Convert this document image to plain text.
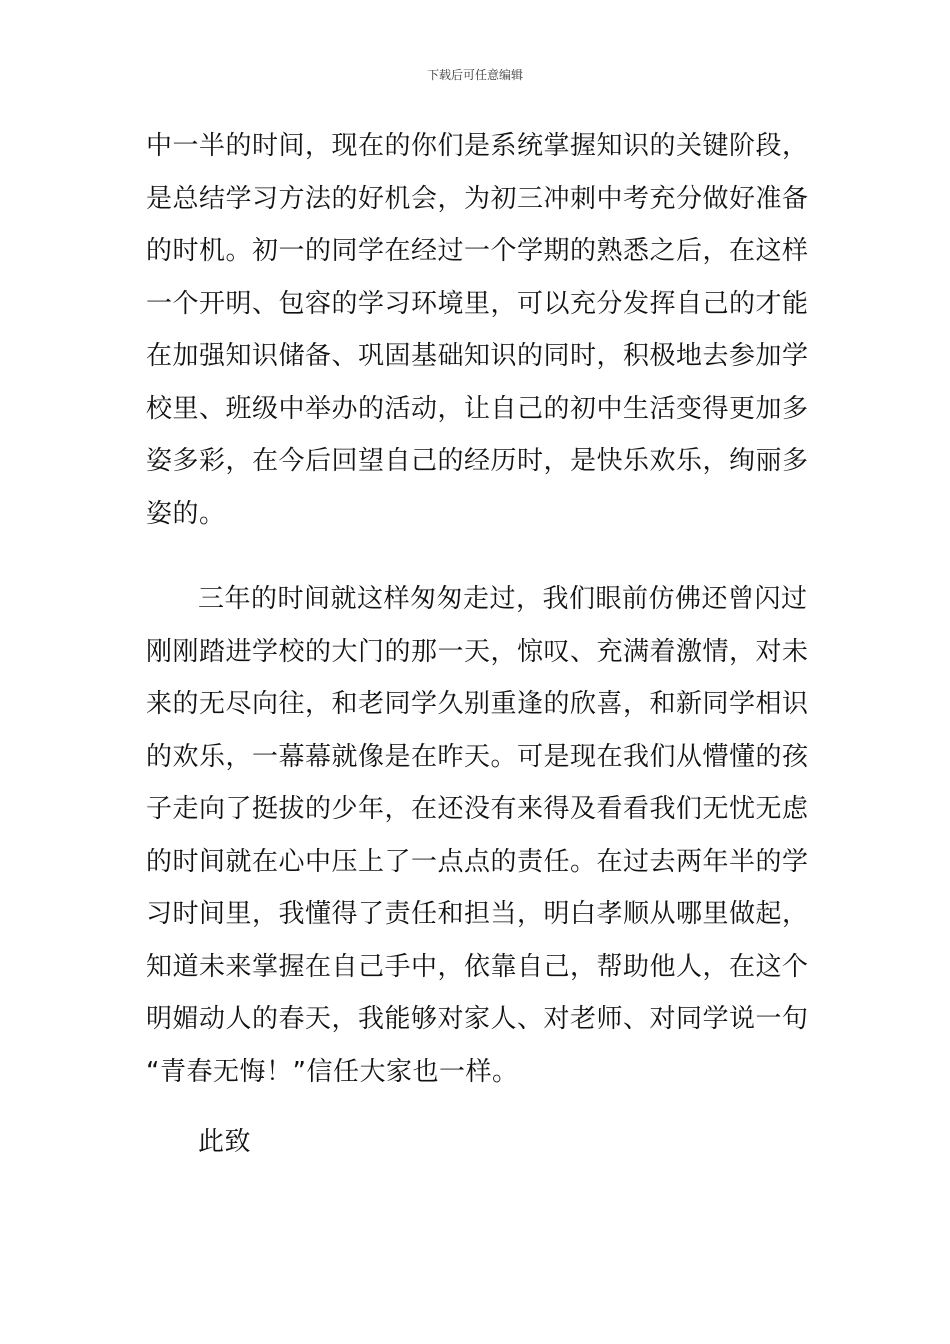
下载后可任意编辑
中一半的时间，现在的你们是系统掌握知识的关键阶段，
是总结学习方法的好机会，为初三冲刺中考充分做好准备
的时机。初一的同学在经过一个学期的熟悉之后，在这样
一个开明、包容的学习环境里，可以充分发挥自己的才能
在加强知识储备、巩固基础知识的同时，积极地去参加学
校里、班级中举办的活动，让自己的初中生活变得更加多
姿多彩，在今后回望自己的经历时，是快乐欢乐，绚丽多
姿的。
三年的时间就这样匆匆走过，我们眼前仿佛还曾闪过
刚刚踏进学校的大门的那一天，惊叹、充满着激情，对未
来的无尽向往，和老同学久别重逢的欣喜，和新同学相识
的欢乐，一幕幕就像是在昨天。可是现在我们从懵懂的孩
子走向了挺拔的少年，在还没有来得及看看我们无忧无虑
的时间就在心中压上了一点点的责任。在过去两年半的学
习时间里，我懂得了责任和担当，明白孝顺从哪里做起，
知道未来掌握在自己手中，依靠自己，帮助他人，在这个
明媚动人的春天，我能够对家人、对老师、对同学说一句
“青春无悔！”信任大家也一样。
此致
